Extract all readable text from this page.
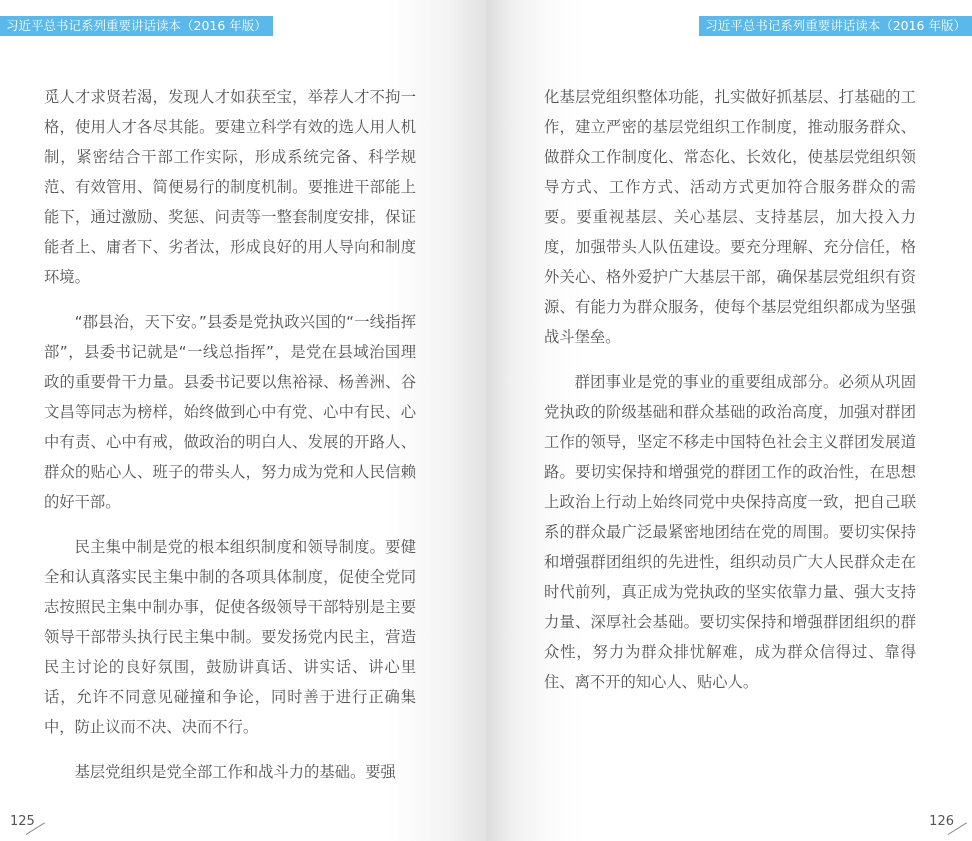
习近平总书记系列重要讲话读本（2016 年版）

觅人才求贤若渴，发现人才如获至宝，举荐人才不拘一格，使用人才各尽其能。要建立科学有效的选人用人机制，紧密结合干部工作实际，形成系统完备、科学规范、有效管用、简便易行的制度机制。要推进干部能上能下，通过激励、奖惩、问责等一整套制度安排，保证能者上、庸者下、劣者汰，形成良好的用人导向和制度环境。

“郡县治，天下安。”县委是党执政兴国的“一线指挥部”，县委书记就是“一线总指挥”，是党在县域治国理政的重要骨干力量。县委书记要以焦裕禄、杨善洲、谷文昌等同志为榜样，始终做到心中有党、心中有民、心中有责、心中有戒，做政治的明白人、发展的开路人、群众的贴心人、班子的带头人，努力成为党和人民信赖的好干部。

民主集中制是党的根本组织制度和领导制度。要健全和认真落实民主集中制的各项具体制度，促使全党同志按照民主集中制办事，促使各级领导干部特别是主要领导干部带头执行民主集中制。要发扬党内民主，营造民主讨论的良好氛围，鼓励讲真话、讲实话、讲心里话，允许不同意见碰撞和争论，同时善于进行正确集中，防止议而不决、决而不行。

基层党组织是党全部工作和战斗力的基础。要强

125
习近平总书记系列重要讲话读本（2016 年版）

化基层党组织整体功能，扎实做好抓基层、打基础的工作，建立严密的基层党组织工作制度，推动服务群众、做群众工作制度化、常态化、长效化，使基层党组织领导方式、工作方式、活动方式更加符合服务群众的需要。要重视基层、关心基层、支持基层，加大投入力度，加强带头人队伍建设。要充分理解、充分信任，格外关心、格外爱护广大基层干部，确保基层党组织有资源、有能力为群众服务，使每个基层党组织都成为坚强战斗堡垒。

群团事业是党的事业的重要组成部分。必须从巩固党执政的阶级基础和群众基础的政治高度，加强对群团工作的领导，坚定不移走中国特色社会主义群团发展道路。要切实保持和增强党的群团工作的政治性，在思想上政治上行动上始终同党中央保持高度一致，把自己联系的群众最广泛最紧密地团结在党的周围。要切实保持和增强群团组织的先进性，组织动员广大人民群众走在时代前列，真正成为党执政的坚实依靠力量、强大支持力量、深厚社会基础。要切实保持和增强群团组织的群众性，努力为群众排忧解难，成为群众信得过、靠得住、离不开的知心人、贴心人。

126
